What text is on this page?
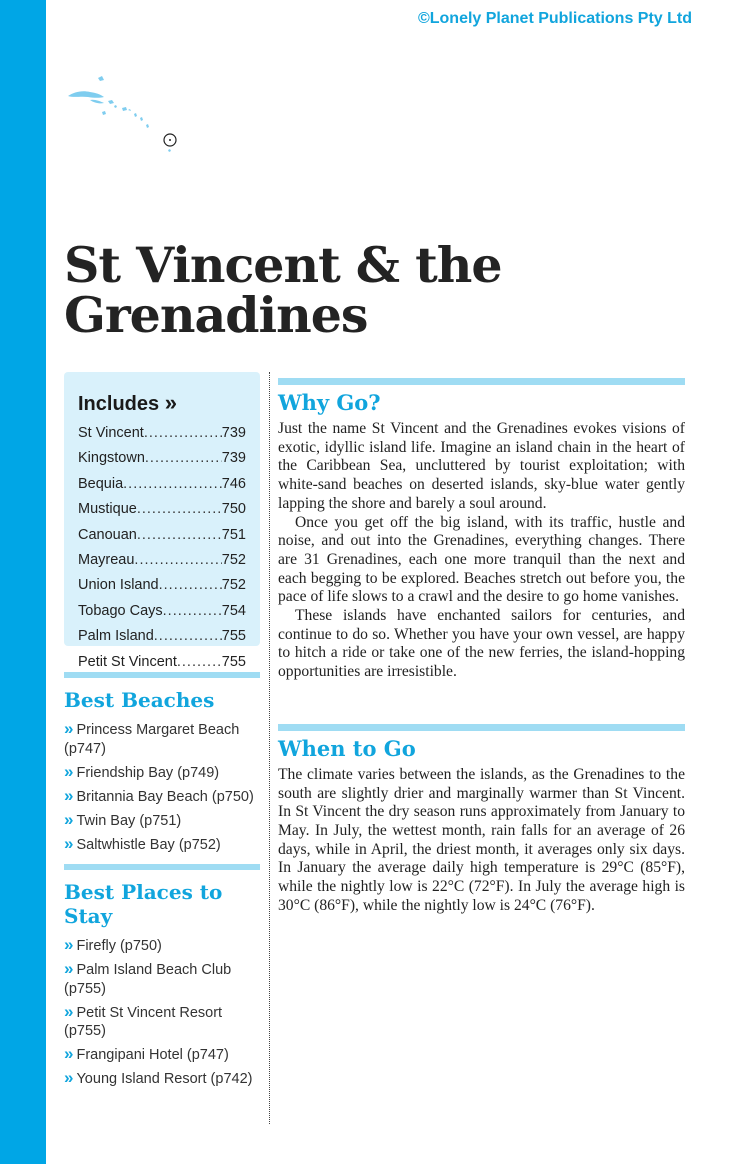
©Lonely Planet Publications Pty Ltd
St Vincent & the
Grenadines
Includes »
St Vincent .....	739
Kingstown .....	739
Bequia .....	746
Mustique .....	750
Canouan .....	751
Mayreau .....	752
Union Island .....	752
Tobago Cays .....	754
Palm Island .....	755
Petit St Vincent .....	755
Best Beaches
» Princess Margaret Beach (p747)
» Friendship Bay (p749)
» Britannia Bay Beach (p750)
» Twin Bay (p751)
» Saltwhistle Bay (p752)
Best Places to Stay
» Firefly (p750)
» Palm Island Beach Club (p755)
» Petit St Vincent Resort (p755)
» Frangipani Hotel (p747)
» Young Island Resort (p742)
Why Go?

Just the name St Vincent and the Grenadines evokes visions of exotic, idyllic island life. Imagine an island chain in the heart of the Caribbean Sea, uncluttered by tourist exploitation; with white-sand beaches on deserted islands, sky-blue water gently lapping the shore and barely a soul around.

Once you get off the big island, with its traffic, hustle and noise, and out into the Grenadines, everything changes. There are 31 Grenadines, each one more tranquil than the next and each begging to be explored. Beaches stretch out before you, the pace of life slows to a crawl and the desire to go home vanishes.

These islands have enchanted sailors for centuries, and continue to do so. Whether you have your own vessel, are happy to hitch a ride or take one of the new ferries, the island-hopping opportunities are irresistible.

When to Go

The climate varies between the islands, as the Grenadines to the south are slightly drier and marginally warmer than St Vincent. In St Vincent the dry season runs approximately from January to May. In July, the wettest month, rain falls for an average of 26 days, while in April, the driest month, it averages only six days. In January the average daily high temperature is 29°C (85°F), while the nightly low is 22°C (72°F). In July the average high is 30°C (86°F), while the nightly low is 24°C (76°F).
